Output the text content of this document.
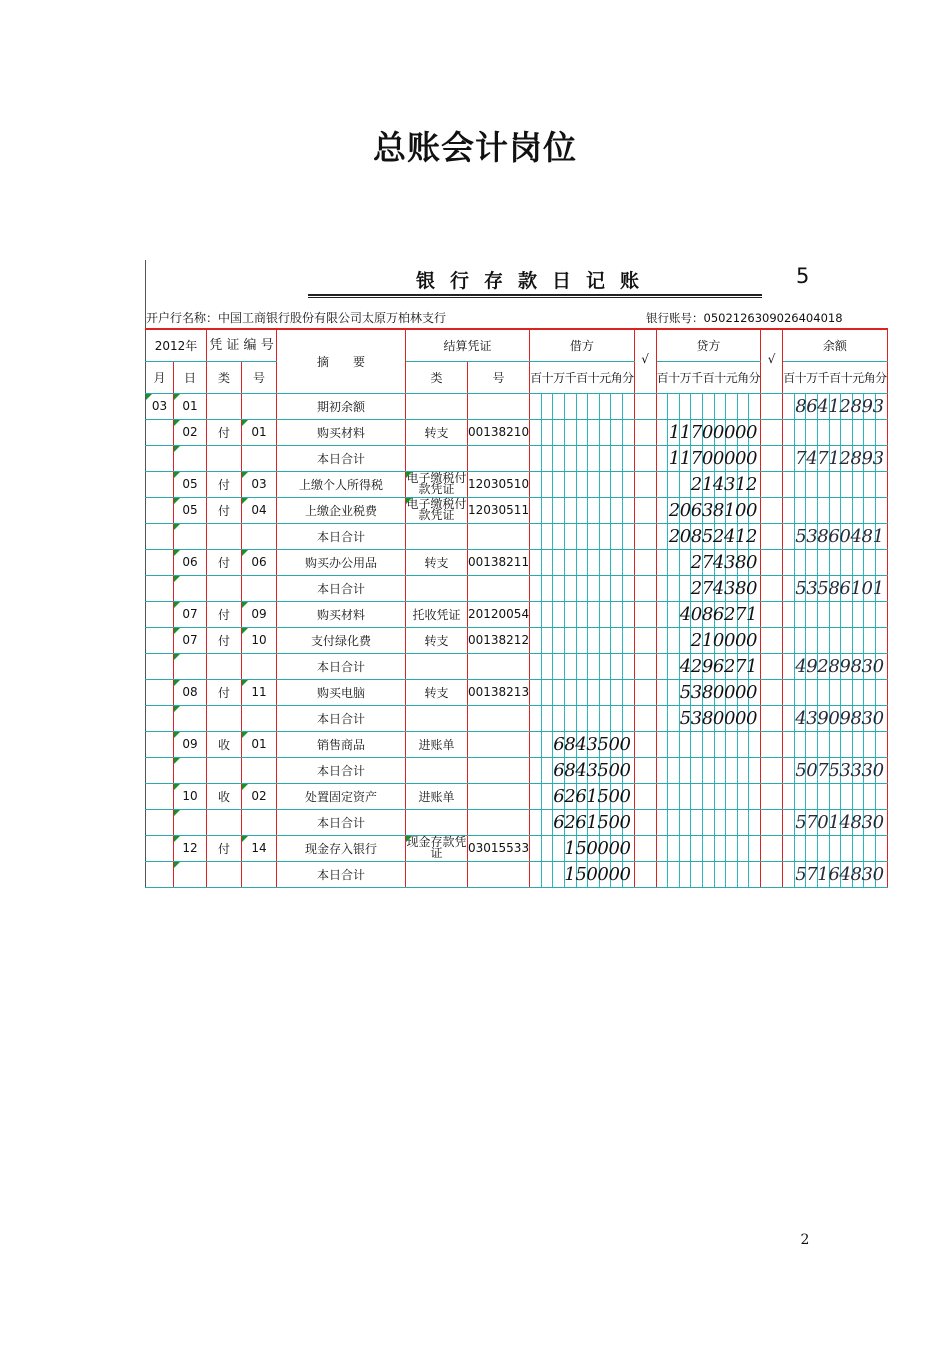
总账会计岗位
银行存款日记账	5
开户行名称：中国工商银行股份有限公司太原万柏林支行	银行账号：0502126309026404018
2012年		凭 证 编 号		摘　　要	结算凭证		借方	√	贷方	√	余额
月	日	类	号		类	号	百十万千百十元角分		百十万千百十元角分		百十万千百十元角分
03	01			期初余额							86412893

	02	付	01	购买材料	转支	00138210			11700000		

				本日合计					11700000		74712893

	05	付	03	上缴个人所得税	电子缴税付款凭证	12030510			214312		

	05	付	04	上缴企业税费	电子缴税付款凭证	12030511			20638100		

				本日合计					20852412		53860481

	06	付	06	购买办公用品	转支	00138211			274380		

				本日合计					274380		53586101

	07	付	09	购买材料	托收凭证	20120054			4086271		

	07	付	10	支付绿化费	转支	00138212			210000		

				本日合计					4296271		49289830

	08	付	11	购买电脑	转支	00138213			5380000		

				本日合计					5380000		43909830

	09	收	01	销售商品	进账单		6843500				

				本日合计			6843500				50753330

	10	收	02	处置固定资产	进账单		6261500				

				本日合计			6261500				57014830

	12	付	14	现金存入银行	现金存款凭证	03015533	150000				

				本日合计			150000				57164830
2
